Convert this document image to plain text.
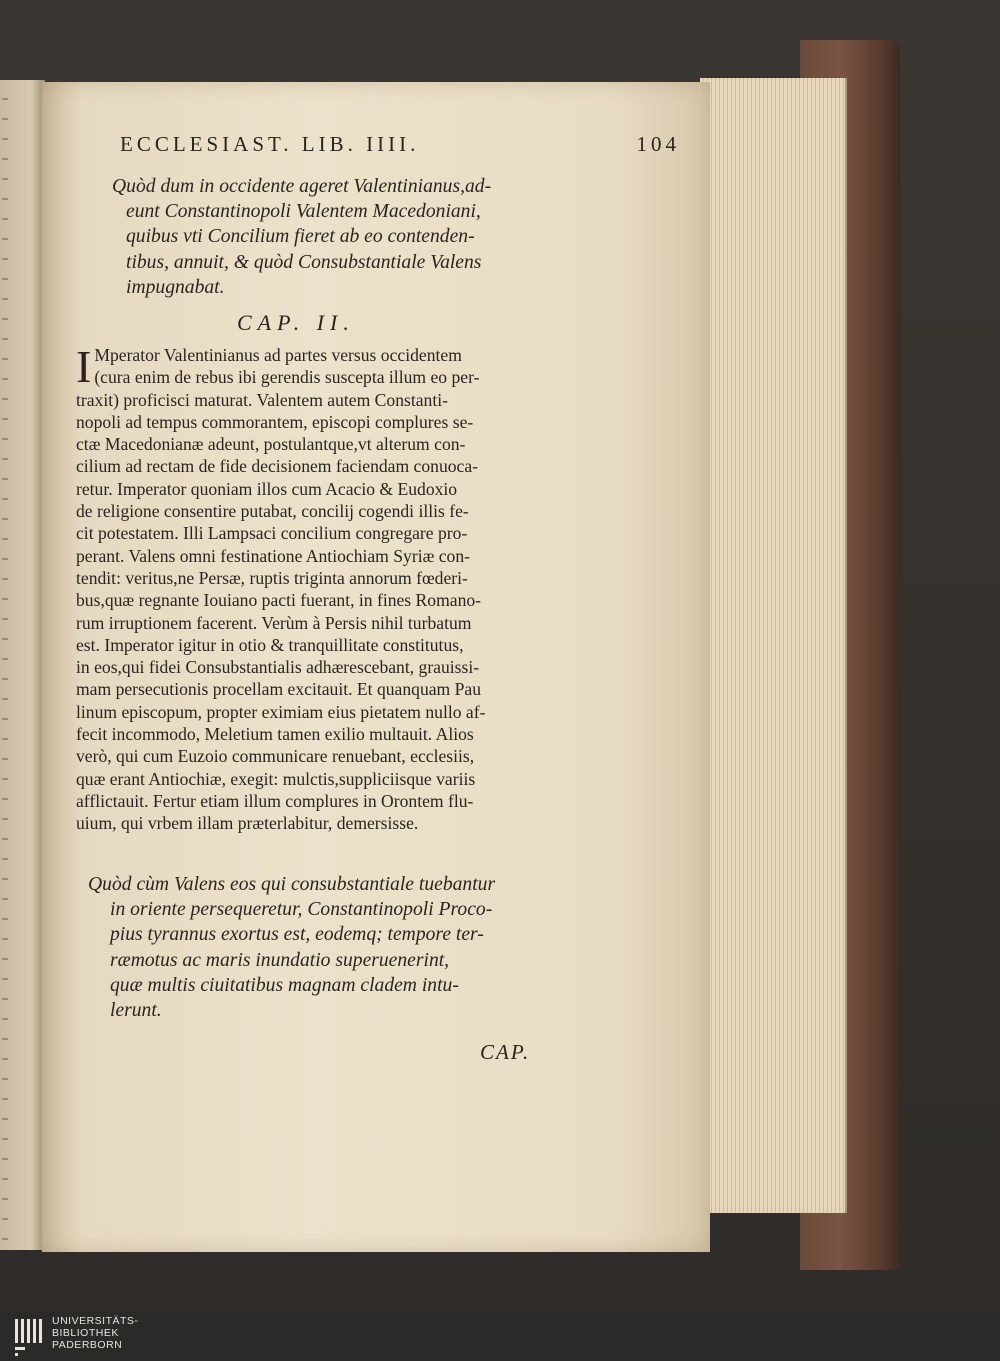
ECCLESIAST. LIB. IIII.	104

Quòd dum in occidente ageret Valentinianus,ad-
eunt Constantinopoli Valentem Macedoniani,
quibus vti Concilium fieret ab eo contenden-
tibus, annuit, & quòd Consubstantiale Valens
impugnabat.

CAP. II.
I Mperator Valentinianus ad partes versus occidentem
(cura enim de rebus ibi gerendis suscepta illum eo per-
traxit) proficisci maturat. Valentem autem Constanti-
nopoli ad tempus commorantem, episcopi complures se-
ctæ Macedonianæ adeunt, postulantque,vt alterum con-
cilium ad rectam de fide decisionem faciendam conuoca-
retur. Imperator quoniam illos cum Acacio & Eudoxio
de religione consentire putabat, concilij cogendi illis fe-
cit potestatem. Illi Lampsaci concilium congregare pro-
perant. Valens omni festinatione Antiochiam Syriæ con-
tendit: veritus,ne Persæ, ruptis triginta annorum fœderi-
bus,quæ regnante Iouiano pacti fuerant, in fines Romano-
rum irruptionem facerent. Verùm à Persis nihil turbatum
est. Imperator igitur in otio & tranquillitate constitutus,
in eos,qui fidei Consubstantialis adhærescebant, grauissi-
mam persecutionis procellam excitauit. Et quanquam Pau
linum episcopum, propter eximiam eius pietatem nullo af-
fecit incommodo, Meletium tamen exilio multauit. Alios
verò, qui cum Euzoio communicare renuebant, ecclesiis,
quæ erant Antiochiæ, exegit: mulctis,suppliciisque variis
afflictauit. Fertur etiam illum complures in Orontem flu-
uium, qui vrbem illam præterlabitur, demersisse.

Quòd cùm Valens eos qui consubstantiale tuebantur
in oriente persequeretur, Constantinopoli Proco-
pius tyrannus exortus est, eodemq; tempore ter-
ræmotus ac maris inundatio superuenerint,
quæ multis ciuitatibus magnam cladem intu-
lerunt.

CAP.
UNIVERSITÄTS-
BIBLIOTHEK
PADERBORN
